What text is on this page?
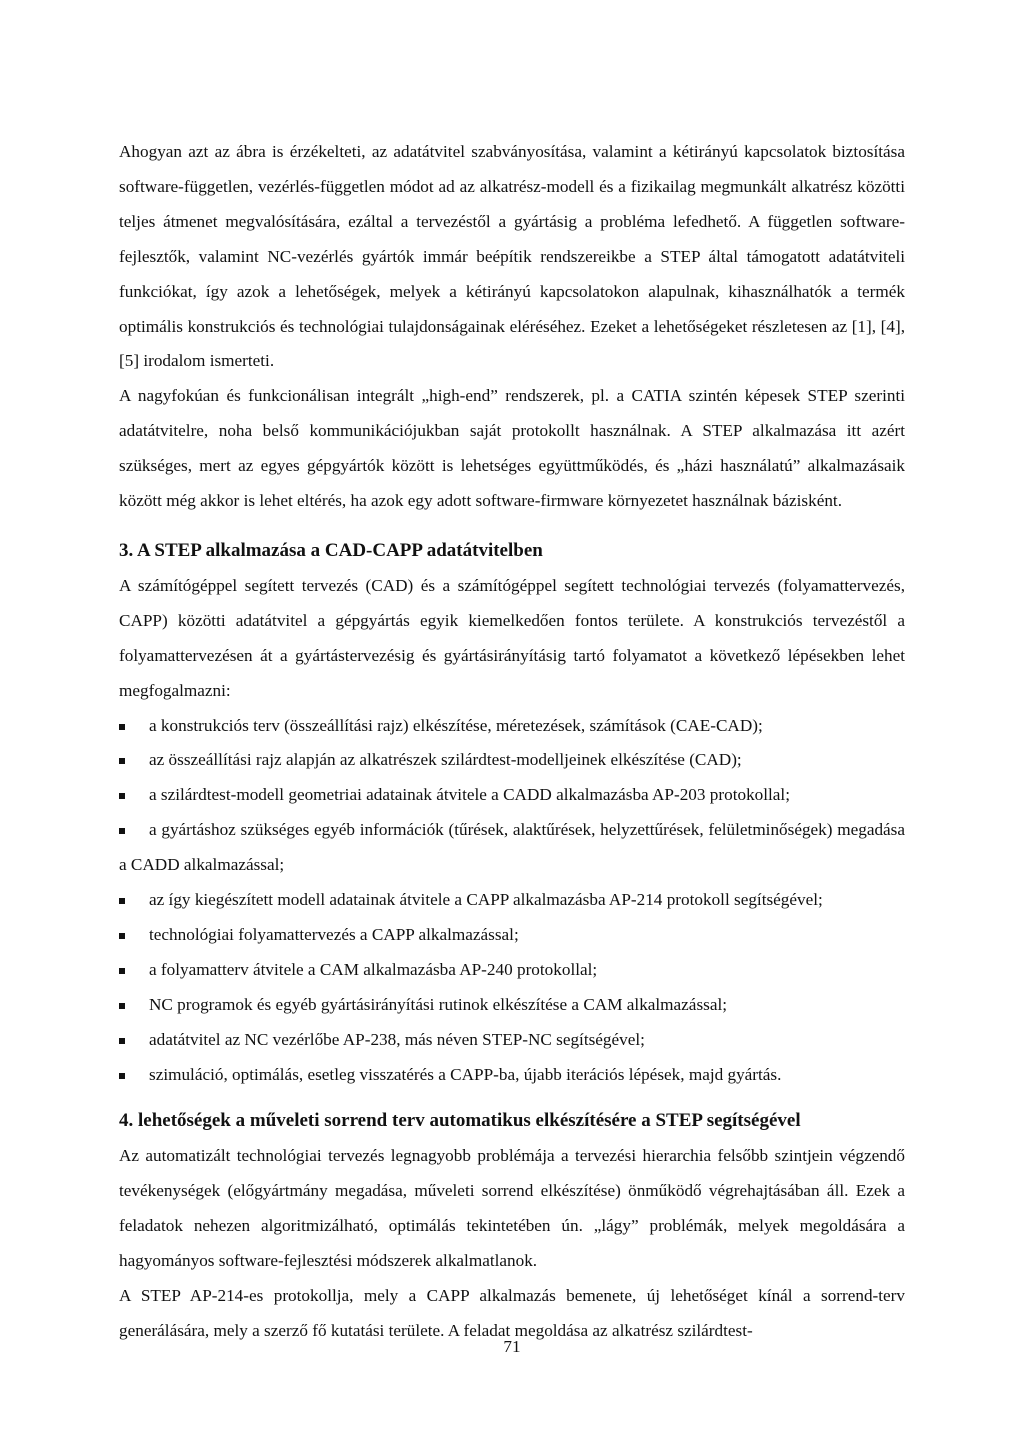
Ahogyan azt az ábra is érzékelteti, az adatátvitel szabványosítása, valamint a kétirányú kapcsolatok biztosítása software-független, vezérlés-független módot ad az alkatrész-modell és a fizikailag megmunkált alkatrész közötti teljes átmenet megvalósítására, ezáltal a tervezéstől a gyártásig a probléma lefedhető. A független software-fejlesztők, valamint NC-vezérlés gyártók immár beépítik rendszereikbe a STEP által támogatott adatátviteli funkciókat, így azok a lehetőségek, melyek a kétirányú kapcsolatokon alapulnak, kihasználhatók a termék optimális konstrukciós és technológiai tulajdonságainak eléréséhez. Ezeket a lehetőségeket részletesen az [1], [4], [5] irodalom ismerteti.

A nagyfokúan és funkcionálisan integrált „high-end” rendszerek, pl. a CATIA szintén képesek STEP szerinti adatátvitelre, noha belső kommunikációjukban saját protokollt használnak. A STEP alkalmazása itt azért szükséges, mert az egyes gépgyártók között is lehetséges együttműködés, és „házi használatú” alkalmazásaik között még akkor is lehet eltérés, ha azok egy adott software-firmware környezetet használnak bázisként.

3. A STEP alkalmazása a CAD-CAPP adatátvitelben

A számítógéppel segített tervezés (CAD) és a számítógéppel segített technológiai tervezés (folyamattervezés, CAPP) közötti adatátvitel a gépgyártás egyik kiemelkedően fontos területe. A konstrukciós tervezéstől a folyamattervezésen át a gyártástervezésig és gyártásirányításig tartó folyamatot a következő lépésekben lehet megfogalmazni:

a konstrukciós terv (összeállítási rajz) elkészítése, méretezések, számítások (CAE-CAD);
az összeállítási rajz alapján az alkatrészek szilárdtest-modelljeinek elkészítése (CAD);
a szilárdtest-modell geometriai adatainak átvitele a CADD alkalmazásba AP-203 protokollal;
a gyártáshoz szükséges egyéb információk (tűrések, alaktűrések, helyzettűrések, felületminőségek) megadása a CADD alkalmazással;
az így kiegészített modell adatainak átvitele a CAPP alkalmazásba AP-214 protokoll segítségével;
technológiai folyamattervezés a CAPP alkalmazással;
a folyamatterv átvitele a CAM alkalmazásba AP-240 protokollal;
NC programok és egyéb gyártásirányítási rutinok elkészítése a CAM alkalmazással;
adatátvitel az NC vezérlőbe AP-238, más néven STEP-NC segítségével;
szimuláció, optimálás, esetleg visszatérés a CAPP-ba, újabb iterációs lépések, majd gyártás.
4. lehetőségek a műveleti sorrend terv automatikus elkészítésére a STEP segítségével

Az automatizált technológiai tervezés legnagyobb problémája a tervezési hierarchia felsőbb szintjein végzendő tevékenységek (előgyártmány megadása, műveleti sorrend elkészítése) önműködő végrehajtásában áll. Ezek a feladatok nehezen algoritmizálható, optimálás tekintetében ún. „lágy” problémák, melyek megoldására a hagyományos software-fejlesztési módszerek alkalmatlanok.

A STEP AP-214-es protokollja, mely a CAPP alkalmazás bemenete, új lehetőséget kínál a sorrend-terv generálására, mely a szerző fő kutatási területe. A feladat megoldása az alkatrész szilárdtest-

71
